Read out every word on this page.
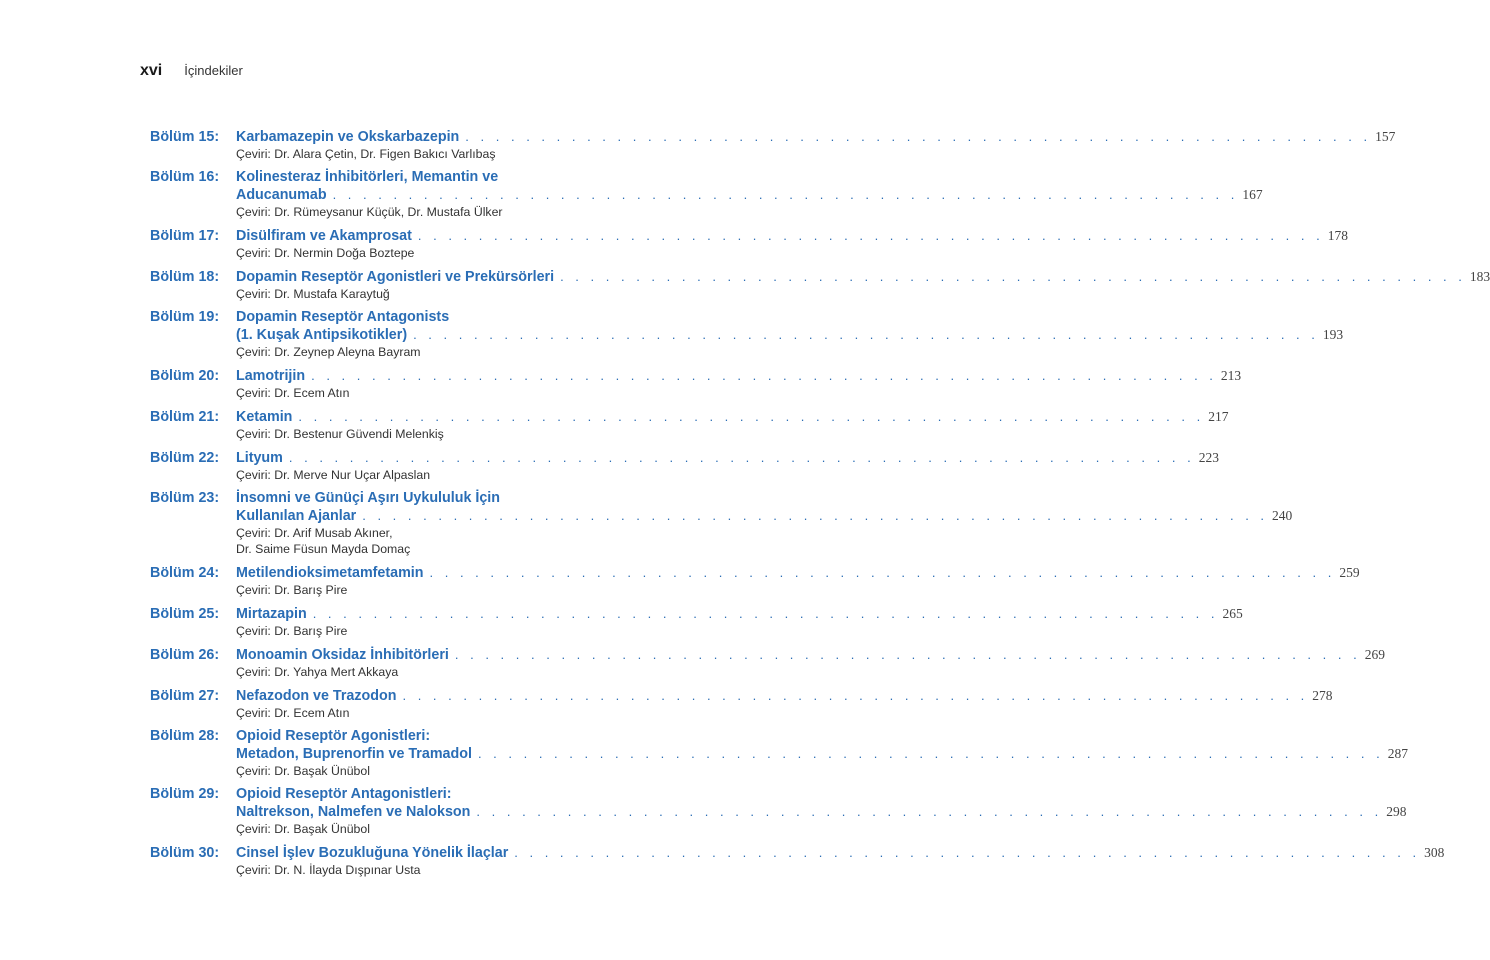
xvi İçindekiler
Bölüm 15:	Karbamazepin ve Okskarbazepin . . . . . . . . . . . . . . . . . . . . . . . . . . . . . . . . . . . . . . . . . . . . . . . . . . . . . . . . . . . . 157
Çeviri: Dr. Alara Çetin, Dr. Figen Bakıcı Varlıbaş
Bölüm 16:	Kolinesteraz İnhibitörleri, Memantin ve
Aducanumab . . . . . . . . . . . . . . . . . . . . . . . . . . . . . . . . . . . . . . . . . . . . . . . . . . . . . . . . . . . . 167
Çeviri: Dr. Rümeysanur Küçük, Dr. Mustafa Ülker
Bölüm 17:	Disülfiram ve Akamprosat . . . . . . . . . . . . . . . . . . . . . . . . . . . . . . . . . . . . . . . . . . . . . . . . . . . . . . . . . . . . 178
Çeviri: Dr. Nermin Doğa Boztepe
Bölüm 18:	Dopamin Reseptör Agonistleri ve Prekürsörleri . . . . . . . . . . . . . . . . . . . . . . . . . . . . . . . . . . . . . . . . . . . . . . . . . . . . . . . . . . . . 183
Çeviri: Dr. Mustafa Karaytuğ
Bölüm 19:	Dopamin Reseptör Antagonists
(1. Kuşak Antipsikotikler) . . . . . . . . . . . . . . . . . . . . . . . . . . . . . . . . . . . . . . . . . . . . . . . . . . . . . . . . . . . . 193
Çeviri: Dr. Zeynep Aleyna Bayram
Bölüm 20:	Lamotrijin . . . . . . . . . . . . . . . . . . . . . . . . . . . . . . . . . . . . . . . . . . . . . . . . . . . . . . . . . . . . 213
Çeviri: Dr. Ecem Atın
Bölüm 21:	Ketamin . . . . . . . . . . . . . . . . . . . . . . . . . . . . . . . . . . . . . . . . . . . . . . . . . . . . . . . . . . . . 217
Çeviri: Dr. Bestenur Güvendi Melenkiş
Bölüm 22:	Lityum . . . . . . . . . . . . . . . . . . . . . . . . . . . . . . . . . . . . . . . . . . . . . . . . . . . . . . . . . . . . 223
Çeviri: Dr. Merve Nur Uçar Alpaslan
Bölüm 23:	İnsomni ve Günüçi Aşırı Uykululuk İçin
Kullanılan Ajanlar . . . . . . . . . . . . . . . . . . . . . . . . . . . . . . . . . . . . . . . . . . . . . . . . . . . . . . . . . . . . 240
Çeviri: Dr. Arif Musab Akıner,
Dr. Saime Füsun Mayda Domaç
Bölüm 24:	Metilendioksimetamfetamin . . . . . . . . . . . . . . . . . . . . . . . . . . . . . . . . . . . . . . . . . . . . . . . . . . . . . . . . . . . . 259
Çeviri: Dr. Barış Pire
Bölüm 25:	Mirtazapin . . . . . . . . . . . . . . . . . . . . . . . . . . . . . . . . . . . . . . . . . . . . . . . . . . . . . . . . . . . . 265
Çeviri: Dr. Barış Pire
Bölüm 26:	Monoamin Oksidaz İnhibitörleri . . . . . . . . . . . . . . . . . . . . . . . . . . . . . . . . . . . . . . . . . . . . . . . . . . . . . . . . . . . . 269
Çeviri: Dr. Yahya Mert Akkaya
Bölüm 27:	Nefazodon ve Trazodon . . . . . . . . . . . . . . . . . . . . . . . . . . . . . . . . . . . . . . . . . . . . . . . . . . . . . . . . . . . . 278
Çeviri: Dr. Ecem Atın
Bölüm 28:	Opioid Reseptör Agonistleri:
Metadon, Buprenorfin ve Tramadol . . . . . . . . . . . . . . . . . . . . . . . . . . . . . . . . . . . . . . . . . . . . . . . . . . . . . . . . . . . . 287
Çeviri: Dr. Başak Ünübol
Bölüm 29:	Opioid Reseptör Antagonistleri:
Naltrekson, Nalmefen ve Nalokson . . . . . . . . . . . . . . . . . . . . . . . . . . . . . . . . . . . . . . . . . . . . . . . . . . . . . . . . . . . . 298
Çeviri: Dr. Başak Ünübol
Bölüm 30:	Cinsel İşlev Bozukluğuna Yönelik İlaçlar . . . . . . . . . . . . . . . . . . . . . . . . . . . . . . . . . . . . . . . . . . . . . . . . . . . . . . . . . . . . 308
Çeviri: Dr. N. İlayda Dışpınar Usta
